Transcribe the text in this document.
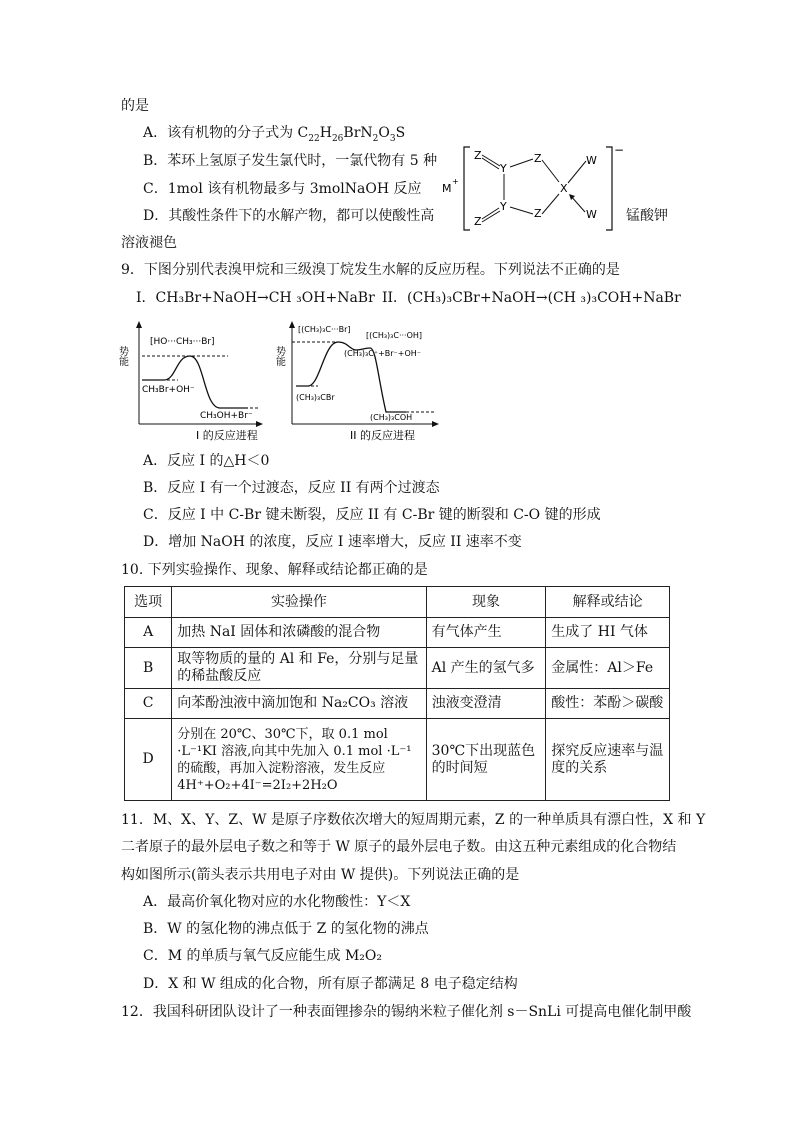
的是
A．该有机物的分子式为 $C_{22}H_{26}BrN_2O_3S$
B．苯环上氢原子发生氯代时，一氯代物有 5 种
C．1mol 该有机物最多与 3molNaOH 反应
D．其酸性条件下的水解产物，都可以使酸性高	锰酸钾
溶液褪色
M
+
−
Z
Y
Z
X
W
Y
Z
Z	W
9．下图分别代表溴甲烷和三级溴丁烷发生水解的反应历程。下列说法不正确的是
I．CH₃Br+NaOH→CH ₃OH+NaBr II．(CH₃)₃CBr+NaOH→(CH ₃)₃COH+NaBr
势能
[HO···CH₃···Br]
CH₃Br+OH⁻
CH₃OH+Br⁻
I 的反应进程
势能
[(CH₃)₃C···Br]
[(CH₃)₃C···OH]
(CH₃)₃C⁺+Br⁻+OH⁻
(CH₃)₃CBr
(CH₃)₃COH
II 的反应进程
A．反应 I 的△H＜0
B．反应 I 有一个过渡态，反应 II 有两个过渡态
C．反应 I 中 C-Br 键未断裂，反应 II 有 C-Br 键的断裂和 C-O 键的形成
D．增加 NaOH 的浓度，反应 I 速率增大，反应 II 速率不变
10. 下列实验操作、现象、解释或结论都正确的是
选项	实验操作	现象	解释或结论
A	加热 NaI 固体和浓磷酸的混合物	有气体产生	生成了 HI 气体
B	取等物质的量的 Al 和 Fe，分别与足量的稀盐酸反应	Al 产生的氢气多	金属性：Al＞Fe
C	向苯酚浊液中滴加饱和 Na₂CO₃ 溶液	浊液变澄清	酸性：苯酚＞碳酸
D	分别在 20℃、30℃下，取 0.1 mol ·L⁻¹KI 溶液,向其中先加入 0.1 mol ·L⁻¹的硫酸，再加入淀粉溶液，发生反应 4H⁺+O₂+4I⁻=2I₂+2H₂O	30℃下出现蓝色的时间短	探究反应速率与温度的关系
11．M、X、Y、Z、W 是原子序数依次增大的短周期元素，Z 的一种单质具有漂白性，X 和 Y
二者原子的最外层电子数之和等于 W 原子的最外层电子数。由这五种元素组成的化合物结
构如图所示(箭头表示共用电子对由 W 提供)。下列说法正确的是
A．最高价氧化物对应的水化物酸性：Y＜X
B．W 的氢化物的沸点低于 Z 的氢化物的沸点
C．M 的单质与氧气反应能生成 M₂O₂
D．X 和 W 组成的化合物，所有原子都满足 8 电子稳定结构
12．我国科研团队设计了一种表面锂掺杂的锡纳米粒子催化剂 s－SnLi 可提高电催化制甲酸
